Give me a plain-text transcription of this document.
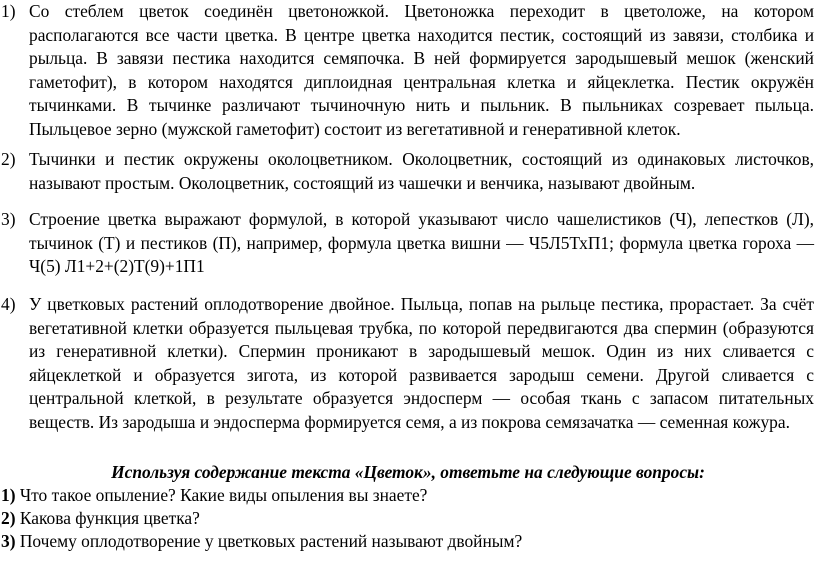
1) Со стеблем цветок соединён цветоножкой. Цветоножка переходит в цветоложе, на котором располагаются все части цветка. В центре цветка находится пестик, состоящий из завязи, столбика и рыльца. В завязи пестика находится семяпочка. В ней формируется зародышевый мешок (женский гаметофит), в котором находятся диплоидная центральная клетка и яйцеклетка. Пестик окружён тычинками. В тычинке различают тычиночную нить и пыльник. В пыльниках созревает пыльца. Пыльцевое зерно (мужской гаметофит) состоит из вегетативной и генеративной клеток.
2) Тычинки и пестик окружены околоцветником. Околоцветник, состоящий из одинаковых листочков, называют простым. Околоцветник, состоящий из чашечки и венчика, называют двойным.
3) Строение цветка выражают формулой, в которой указывают число чашелистиков (Ч), лепестков (Л), тычинок (Т) и пестиков (П), например, формула цветка вишни — Ч5Л5ТхП1; формула цветка гороха — Ч(5) Л1+2+(2)Т(9)+1П1
4) У цветковых растений оплодотворение двойное. Пыльца, попав на рыльце пестика, прорастает. За счёт вегетативной клетки образуется пыльцевая трубка, по которой передвигаются два спермин (образуются из генеративной клетки). Спермин проникают в зародышевый мешок. Один из них сливается с яйцеклеткой и образуется зигота, из которой развивается зародыш семени. Другой сливается с центральной клеткой, в результате образуется эндосперм — особая ткань с запасом питательных веществ. Из зародыша и эндосперма формируется семя, а из покрова семязачатка — семенная кожура.
Используя содержание текста «Цветок», ответьте на следующие вопросы:
1) Что такое опыление? Какие виды опыления вы знаете?
2) Какова функция цветка?
3) Почему оплодотворение у цветковых растений называют двойным?
